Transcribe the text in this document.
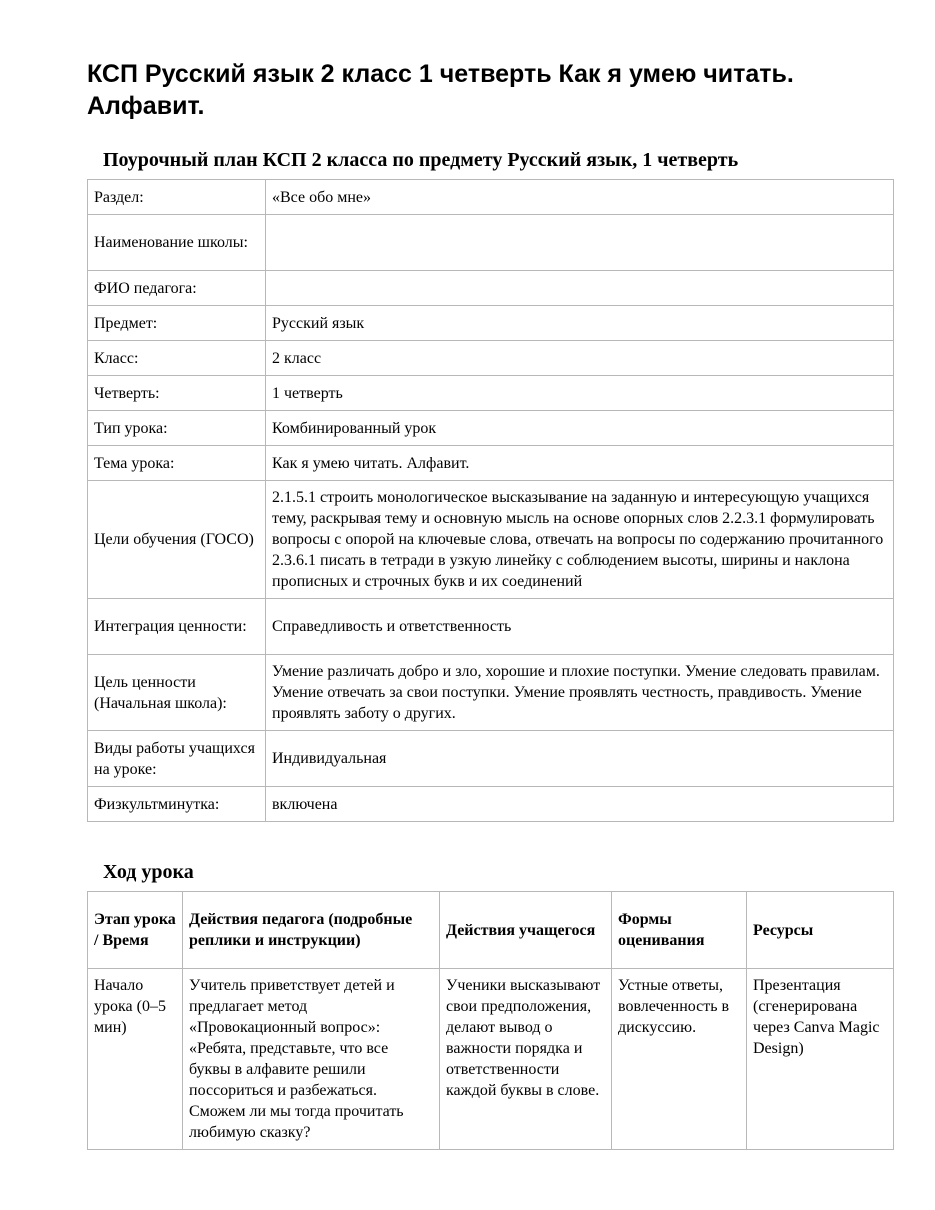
КСП Русский язык 2 класс 1 четверть Как я умею читать. Алфавит.
Поурочный план КСП 2 класса по предмету Русский язык, 1 четверть
Раздел:	«Все обо мне»
Наименование школы:	
ФИО педагога:	
Предмет:	Русский язык
Класс:	2 класс
Четверть:	1 четверть
Тип урока:	Комбинированный урок
Тема урока:	Как я умею читать. Алфавит.
Цели обучения (ГОСО)	2.1.5.1 строить монологическое высказывание на заданную и интересующую учащихся тему, раскрывая тему и основную мысль на основе опорных слов 2.2.3.1 формулировать вопросы с опорой на ключевые слова, отвечать на вопросы по содержанию прочитанного 2.3.6.1 писать в тетради в узкую линейку с соблюдением высоты, ширины и наклона прописных и строчных букв и их соединений
Интеграция ценности:	Справедливость и ответственность
Цель ценности (Начальная школа):	Умение различать добро и зло, хорошие и плохие поступки. Умение следовать правилам. Умение отвечать за свои поступки. Умение проявлять честность, правдивость. Умение проявлять заботу о других.
Виды работы учащихся на уроке:	Индивидуальная
Физкультминутка:	включена
Ход урока
Этап урока / Время	Действия педагога (подробные реплики и инструкции)	Действия учащегося	Формы оценивания	Ресурсы
Начало урока (0–5 мин)	Учитель приветствует детей и предлагает метод «Провокационный вопрос»: «Ребята, представьте, что все буквы в алфавите решили поссориться и разбежаться. Сможем ли мы тогда прочитать любимую сказку?	Ученики высказывают свои предположения, делают вывод о важности порядка и ответственности каждой буквы в слове.	Устные ответы, вовлеченность в дискуссию.	Презентация (сгенерирована через Canva Magic Design)
